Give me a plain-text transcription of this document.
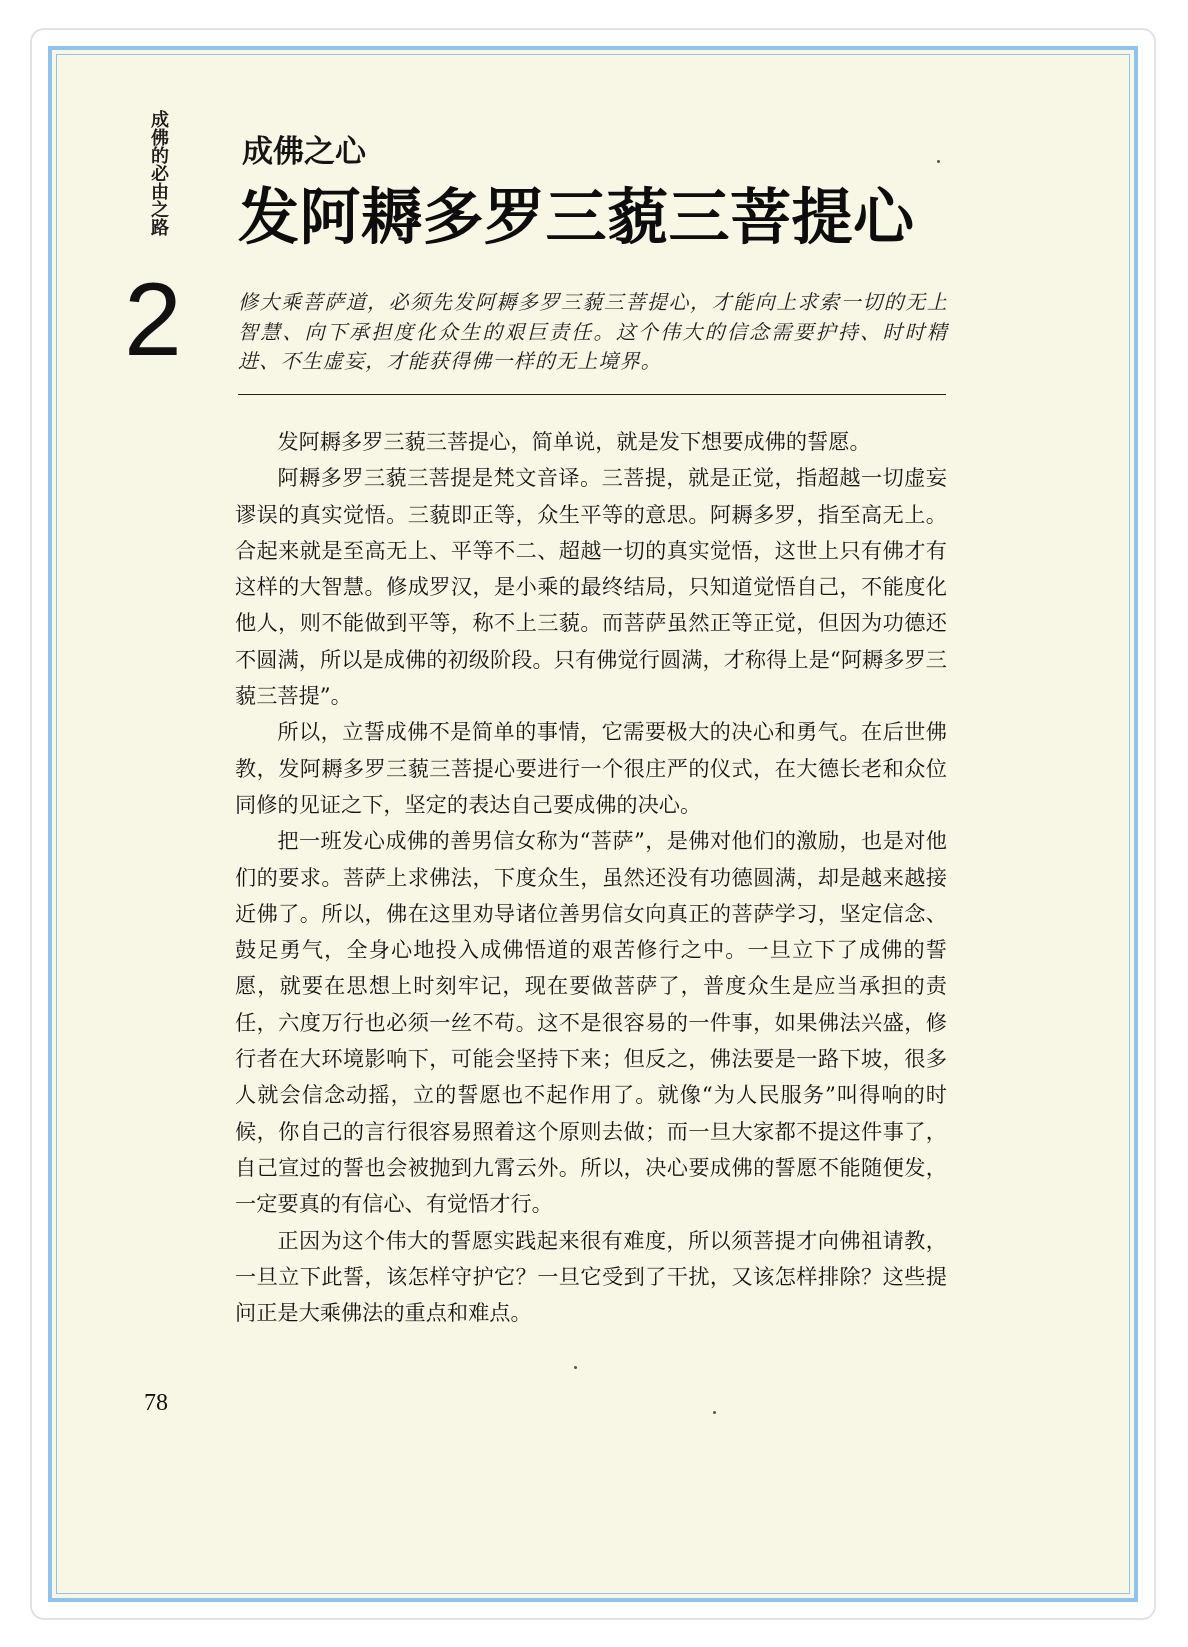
成佛的必由之路
2
成佛之心
发阿耨多罗三藐三菩提心
修大乘菩萨道，必须先发阿耨多罗三藐三菩提心，才能向上求索一切的无上智慧、向下承担度化众生的艰巨责任。这个伟大的信念需要护持、时时精进、不生虚妄，才能获得佛一样的无上境界。

发阿耨多罗三藐三菩提心，简单说，就是发下想要成佛的誓愿。

阿耨多罗三藐三菩提是梵文音译。三菩提，就是正觉，指超越一切虚妄谬误的真实觉悟。三藐即正等，众生平等的意思。阿耨多罗，指至高无上。合起来就是至高无上、平等不二、超越一切的真实觉悟，这世上只有佛才有这样的大智慧。修成罗汉，是小乘的最终结局，只知道觉悟自己，不能度化他人，则不能做到平等，称不上三藐。而菩萨虽然正等正觉，但因为功德还不圆满，所以是成佛的初级阶段。只有佛觉行圆满，才称得上是“阿耨多罗三藐三菩提”。

所以，立誓成佛不是简单的事情，它需要极大的决心和勇气。在后世佛教，发阿耨多罗三藐三菩提心要进行一个很庄严的仪式，在大德长老和众位同修的见证之下，坚定的表达自己要成佛的决心。

把一班发心成佛的善男信女称为“菩萨”，是佛对他们的激励，也是对他们的要求。菩萨上求佛法，下度众生，虽然还没有功德圆满，却是越来越接近佛了。所以，佛在这里劝导诸位善男信女向真正的菩萨学习，坚定信念、鼓足勇气，全身心地投入成佛悟道的艰苦修行之中。一旦立下了成佛的誓愿，就要在思想上时刻牢记，现在要做菩萨了，普度众生是应当承担的责任，六度万行也必须一丝不苟。这不是很容易的一件事，如果佛法兴盛，修行者在大环境影响下，可能会坚持下来；但反之，佛法要是一路下坡，很多人就会信念动摇，立的誓愿也不起作用了。就像“为人民服务”叫得响的时候，你自己的言行很容易照着这个原则去做；而一旦大家都不提这件事了，自己宣过的誓也会被抛到九霄云外。所以，决心要成佛的誓愿不能随便发，一定要真的有信心、有觉悟才行。

正因为这个伟大的誓愿实践起来很有难度，所以须菩提才向佛祖请教，一旦立下此誓，该怎样守护它？一旦它受到了干扰，又该怎样排除？这些提问正是大乘佛法的重点和难点。

78
